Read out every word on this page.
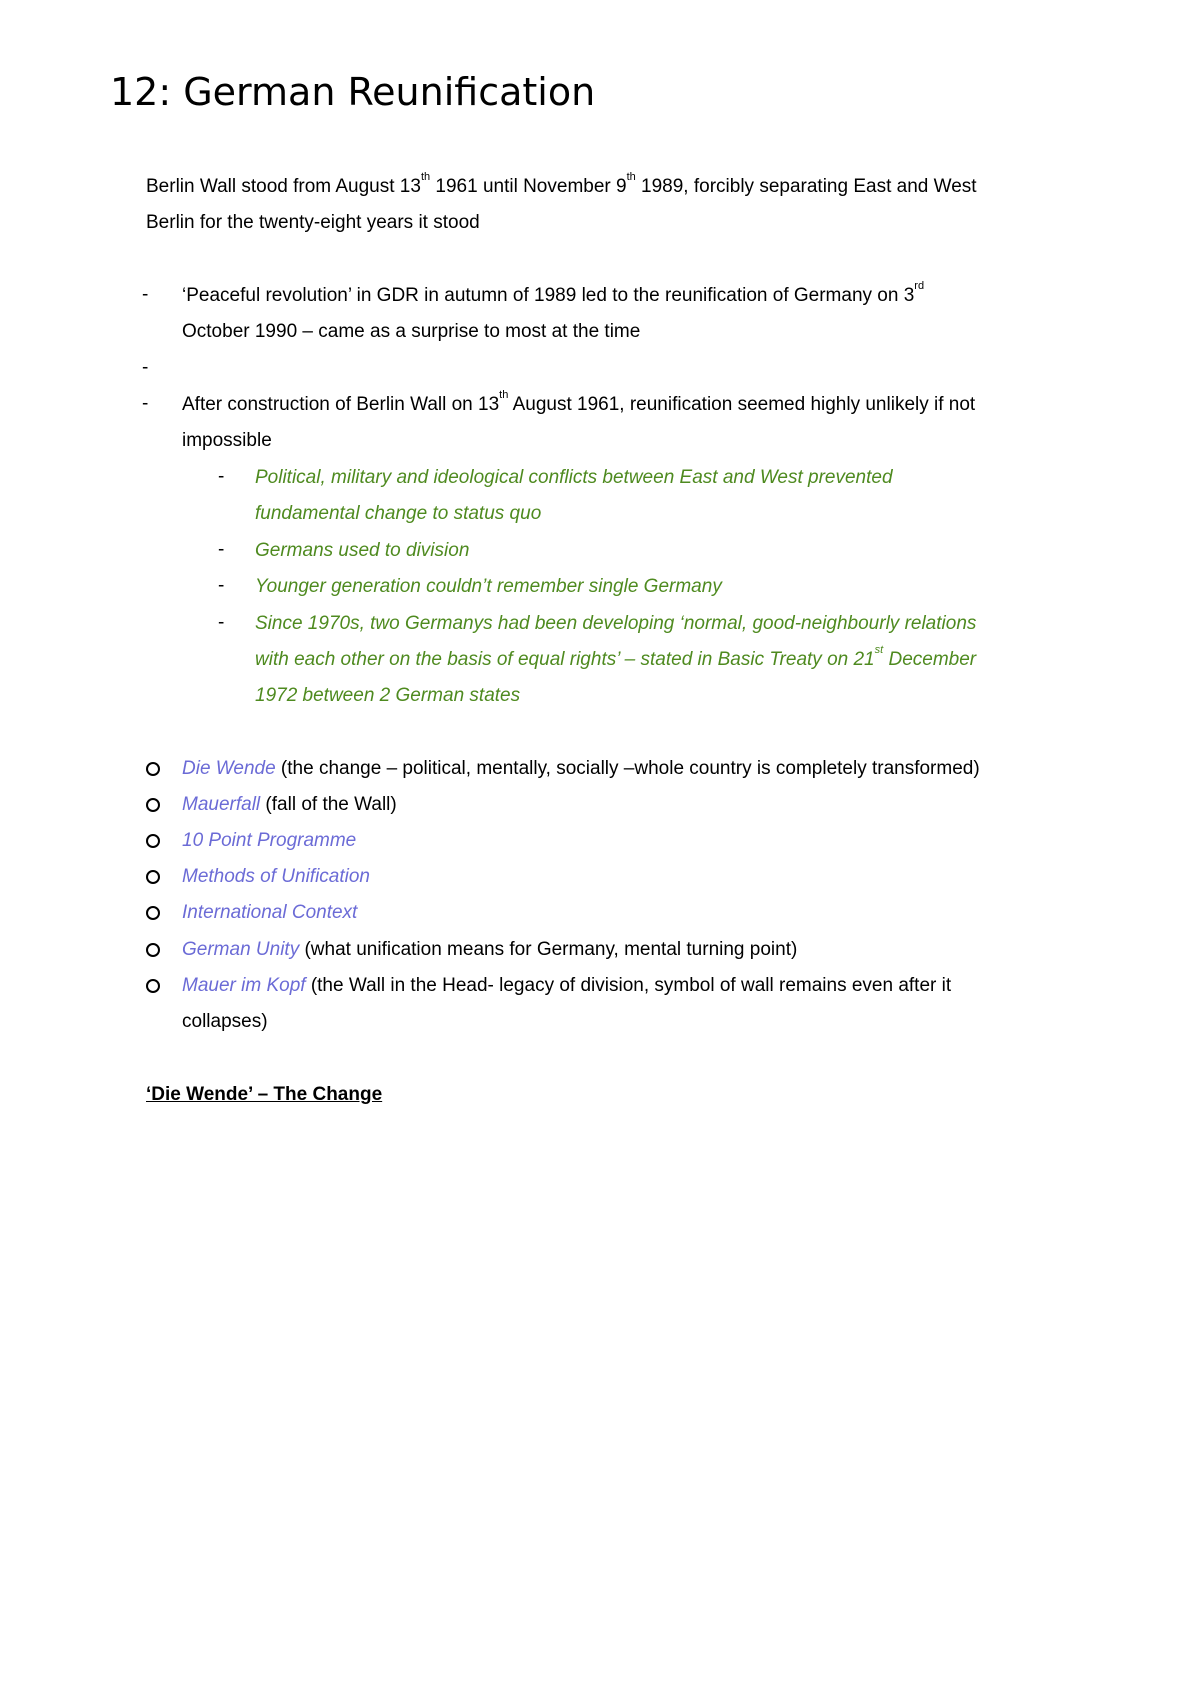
12: German Reunification
Berlin Wall stood from August 13th 1961 until November 9th 1989, forcibly separating East and West
Berlin for the twenty-eight years it stood
- ‘Peaceful revolution’ in GDR in autumn of 1989 led to the reunification of Germany on 3rd
October 1990 – came as a surprise to most at the time
-
- After construction of Berlin Wall on 13th August 1961, reunification seemed highly unlikely if not
impossible
- Political, military and ideological conflicts between East and West prevented
fundamental change to status quo
- Germans used to division
- Younger generation couldn’t remember single Germany
- Since 1970s, two Germanys had been developing ‘normal, good-neighbourly relations
with each other on the basis of equal rights’ – stated in Basic Treaty on 21st December
1972 between 2 German states
Die Wende (the change – political, mentally, socially –whole country is completely transformed)
Mauerfall (fall of the Wall)
10 Point Programme
Methods of Unification
International Context
German Unity (what unification means for Germany, mental turning point)
Mauer im Kopf (the Wall in the Head- legacy of division, symbol of wall remains even after it
collapses)
‘Die Wende’ – The Change
